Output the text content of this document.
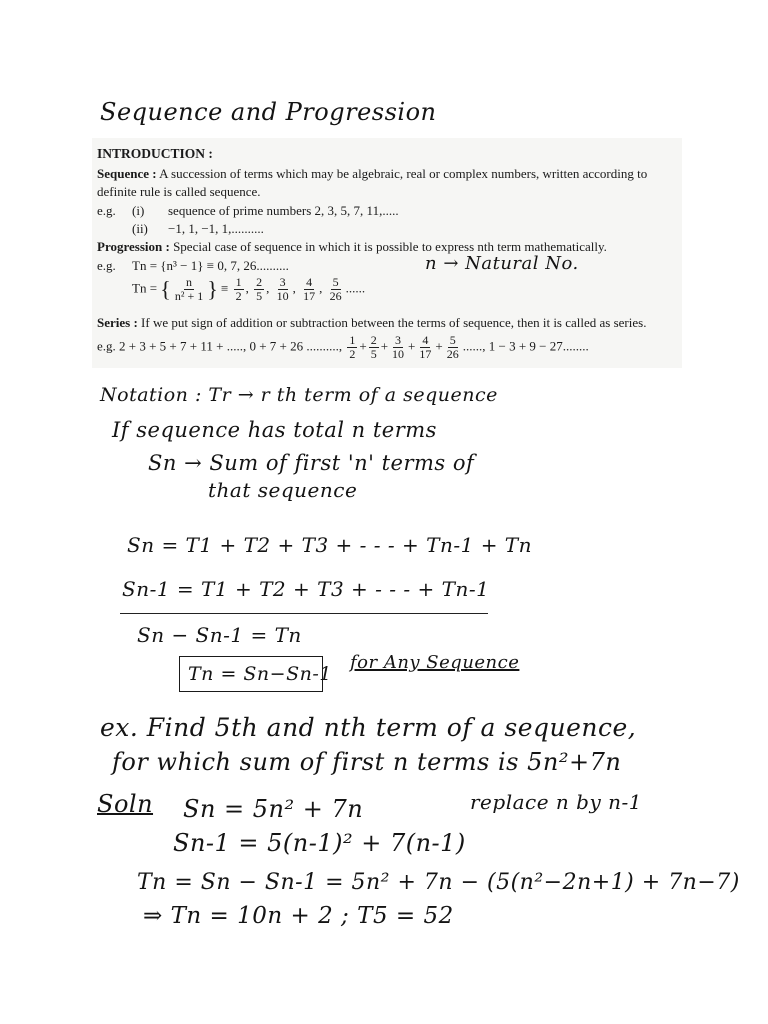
Sequence and Progression
INTRODUCTION :
Sequence : A succession of terms which may be algebraic, real or complex numbers, written according to
definite rule is called sequence.
e.g. (i) sequence of prime numbers 2, 3, 5, 7, 11,.....
(ii) −1, 1, −1, 1,..........
Progression : Special case of sequence in which it is possible to express nth term mathematically.
e.g. Tn = {n³ − 1} ≡ 0, 7, 26..........
Tn = { $\frac{n}{\text{n² + 1}}$ } ≡ $\frac{1}{2}$ , $\frac{2}{5}$ , $\frac{3}{10}$ , $\frac{4}{17}$ , $\frac{5}{26}$ ......
Series : If we put sign of addition or subtraction between the terms of sequence, then it is called as series.
e.g. 2 + 3 + 5 + 7 + 11 + ....., 0 + 7 + 26 .........., $\frac{1}{2} + \frac{2}{5} + \frac{3}{10} + \frac{4}{17} + \frac{5}{26}$ ......, 1 − 3 + 9 − 27........
n → Natural No.
Notation : Tr → r th term of a sequence
If sequence has total n terms
Sn → Sum of first 'n' terms of
that sequence
Sn = T1 + T2 + T3 + - - - + Tn-1 + Tn
Sn-1 = T1 + T2 + T3 + - - - + Tn-1
Sn − Sn-1 = Tn
Tn = Sn−Sn-1
for Any Sequence
ex. Find 5th and nth term of a sequence,
for which sum of first n terms is 5n²+7n
Soln Sn = 5n² + 7n	replace n by n-1
Sn-1 = 5(n-1)² + 7(n-1)
Tn = Sn − Sn-1 = 5n² + 7n − (5(n²−2n+1) + 7n−7)
⇒ Tn = 10n + 2 ; T5 = 52
